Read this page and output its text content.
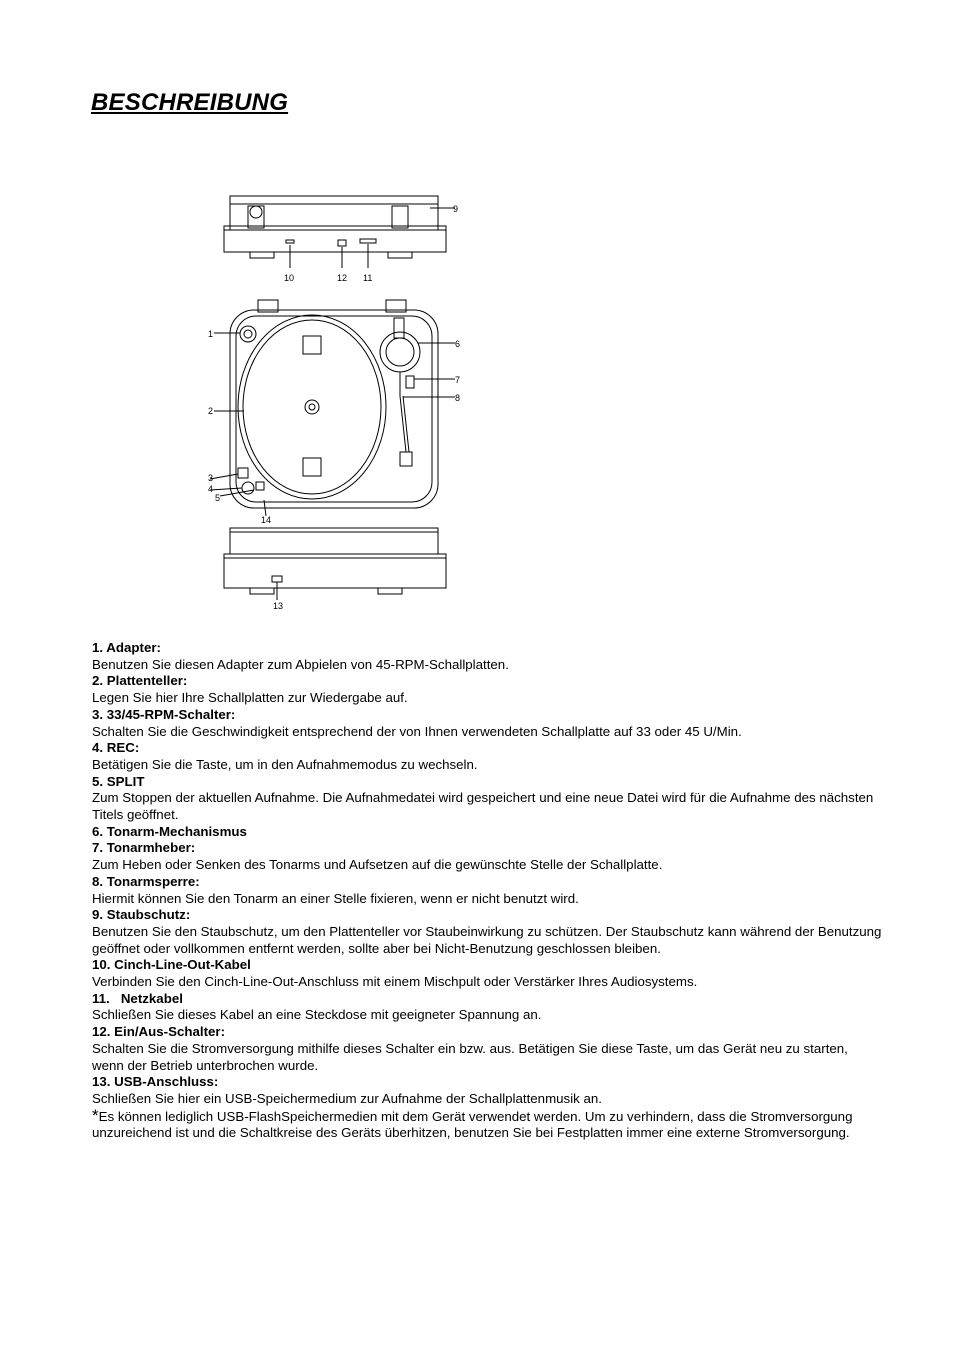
BESCHREIBUNG
9
10	12 11
1
2
3
4
5
14
6
7
8
13
1. Adapter:
Benutzen Sie diesen Adapter zum Abpielen von 45-RPM-Schallplatten.
2. Plattenteller:
Legen Sie hier Ihre Schallplatten zur Wiedergabe auf.
3. 33/45-RPM-Schalter:
Schalten Sie die Geschwindigkeit entsprechend der von Ihnen verwendeten Schallplatte auf 33 oder 45 U/Min.
4. REC:
Betätigen Sie die Taste, um in den Aufnahmemodus zu wechseln.
5. SPLIT
Zum Stoppen der aktuellen Aufnahme. Die Aufnahmedatei wird gespeichert und eine neue Datei wird für die Aufnahme des nächsten Titels geöffnet.
6. Tonarm-Mechanismus
7. Tonarmheber:
Zum Heben oder Senken des Tonarms und Aufsetzen auf die gewünschte Stelle der Schallplatte.
8. Tonarmsperre:
Hiermit können Sie den Tonarm an einer Stelle fixieren, wenn er nicht benutzt wird.
9. Staubschutz:
Benutzen Sie den Staubschutz, um den Plattenteller vor Staubeinwirkung zu schützen. Der Staubschutz kann während der Benutzung geöffnet oder vollkommen entfernt werden, sollte aber bei Nicht-Benutzung geschlossen bleiben.
10. Cinch-Line-Out-Kabel
Verbinden Sie den Cinch-Line-Out-Anschluss mit einem Mischpult oder Verstärker Ihres Audiosystems.
11.   Netzkabel
Schließen Sie dieses Kabel an eine Steckdose mit geeigneter Spannung an.
12. Ein/Aus-Schalter:
Schalten Sie die Stromversorgung mithilfe dieses Schalter ein bzw. aus. Betätigen Sie diese Taste, um das Gerät neu zu starten, wenn der Betrieb unterbrochen wurde.
13. USB-Anschluss:
Schließen Sie hier ein USB-Speichermedium zur Aufnahme der Schallplattenmusik an.
*Es können lediglich USB-FlashSpeichermedien mit dem Gerät verwendet werden. Um zu verhindern, dass die Stromversorgung unzureichend ist und die Schaltkreise des Geräts überhitzen, benutzen Sie bei Festplatten immer eine externe Stromversorgung.
